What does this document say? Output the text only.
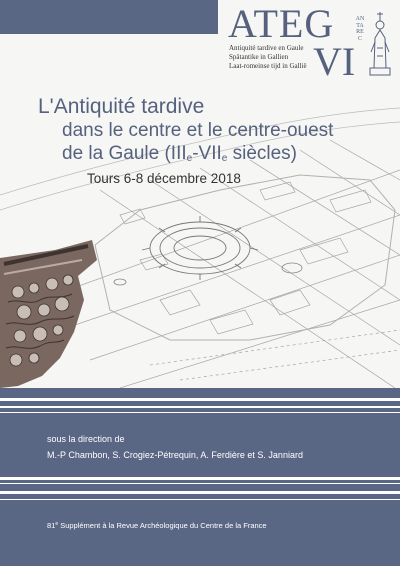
ATEG
Antiquité tardive en Gaule
Spätantike in Gallien
Laat-romeinse tijd in Gallië VI
ANTAREC
L'Antiquité tardive
dans le centre et le centre-ouest
de la Gaule ($III_e-VII_e$ siècles)
Tours 6-8 décembre 2018
sous la direction de
M.-P Chambon, S. Crogiez-Pétrequin, A. Ferdière et S. Janniard
81e Supplément à la Revue Archéologique du Centre de la France
